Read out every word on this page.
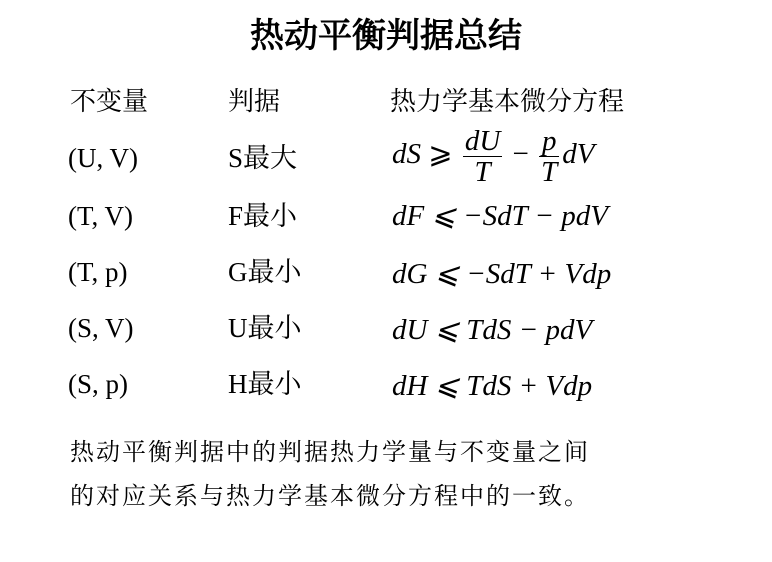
热动平衡判据总结
不变量	判据	热力学基本微分方程
(U, V)	S最大	dS ⩾ $\frac{dU}{T} - \frac{p}{T}$ dV
(T, V)	F最小	dF ⩽ −SdT − pdV
(T, p)	G最小	dG ⩽ −SdT + Vdp
(S, V)	U最小	dU ⩽ TdS − pdV
(S, p)	H最小	dH ⩽ TdS + Vdp
热动平衡判据中的判据热力学量与不变量之间
的对应关系与热力学基本微分方程中的一致。
